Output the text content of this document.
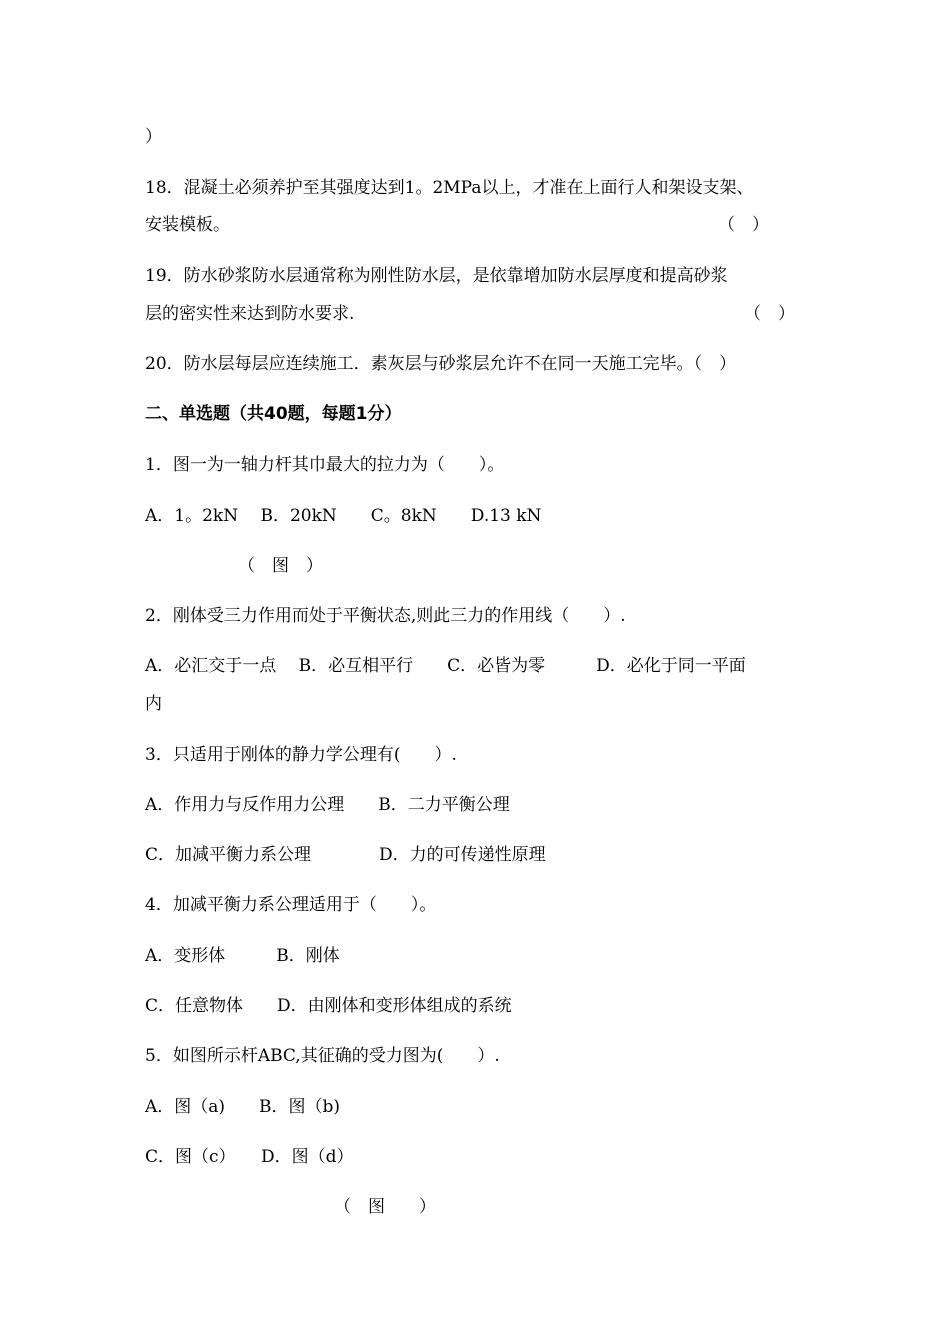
）
18．混凝土必须养护至其强度达到1。2MPa以上，才准在上面行人和架设支架、
安装模板。	（　）
19．防水砂浆防水层通常称为刚性防水层，是依靠增加防水层厚度和提高砂浆
层的密实性来达到防水要求.	（　）
20．防水层每层应连续施工．素灰层与砂浆层允许不在同一天施工完毕。（　）
二、单选题（共40题，每题1分）
1．图一为一轴力杆其巾最大的拉力为（　　）。
A．1。2kN　 B．20kN　　C。8kN　　D.13 kN
（　图　）
2．刚体受三力作用而处于平衡状态,则此三力的作用线（　　）.
A．必汇交于一点　 B．必互相平行　　C．必皆为零　　　D．必化于同一平面
内
3．只适用于刚体的静力学公理有(　　）.
A．作用力与反作用力公理　　B．二力平衡公理
C．加减平衡力系公理　　　　D．力的可传递性原理
4．加减平衡力系公理适用于（　　）。
A．变形体　　　B．刚体
C．任意物体　　D．由刚体和变形体组成的系统
5．如图所示杆ABC,其征确的受力图为(　　）.
A．图（a)　　B．图（b)
C．图（c）　　D．图（d）
（　图　　）
